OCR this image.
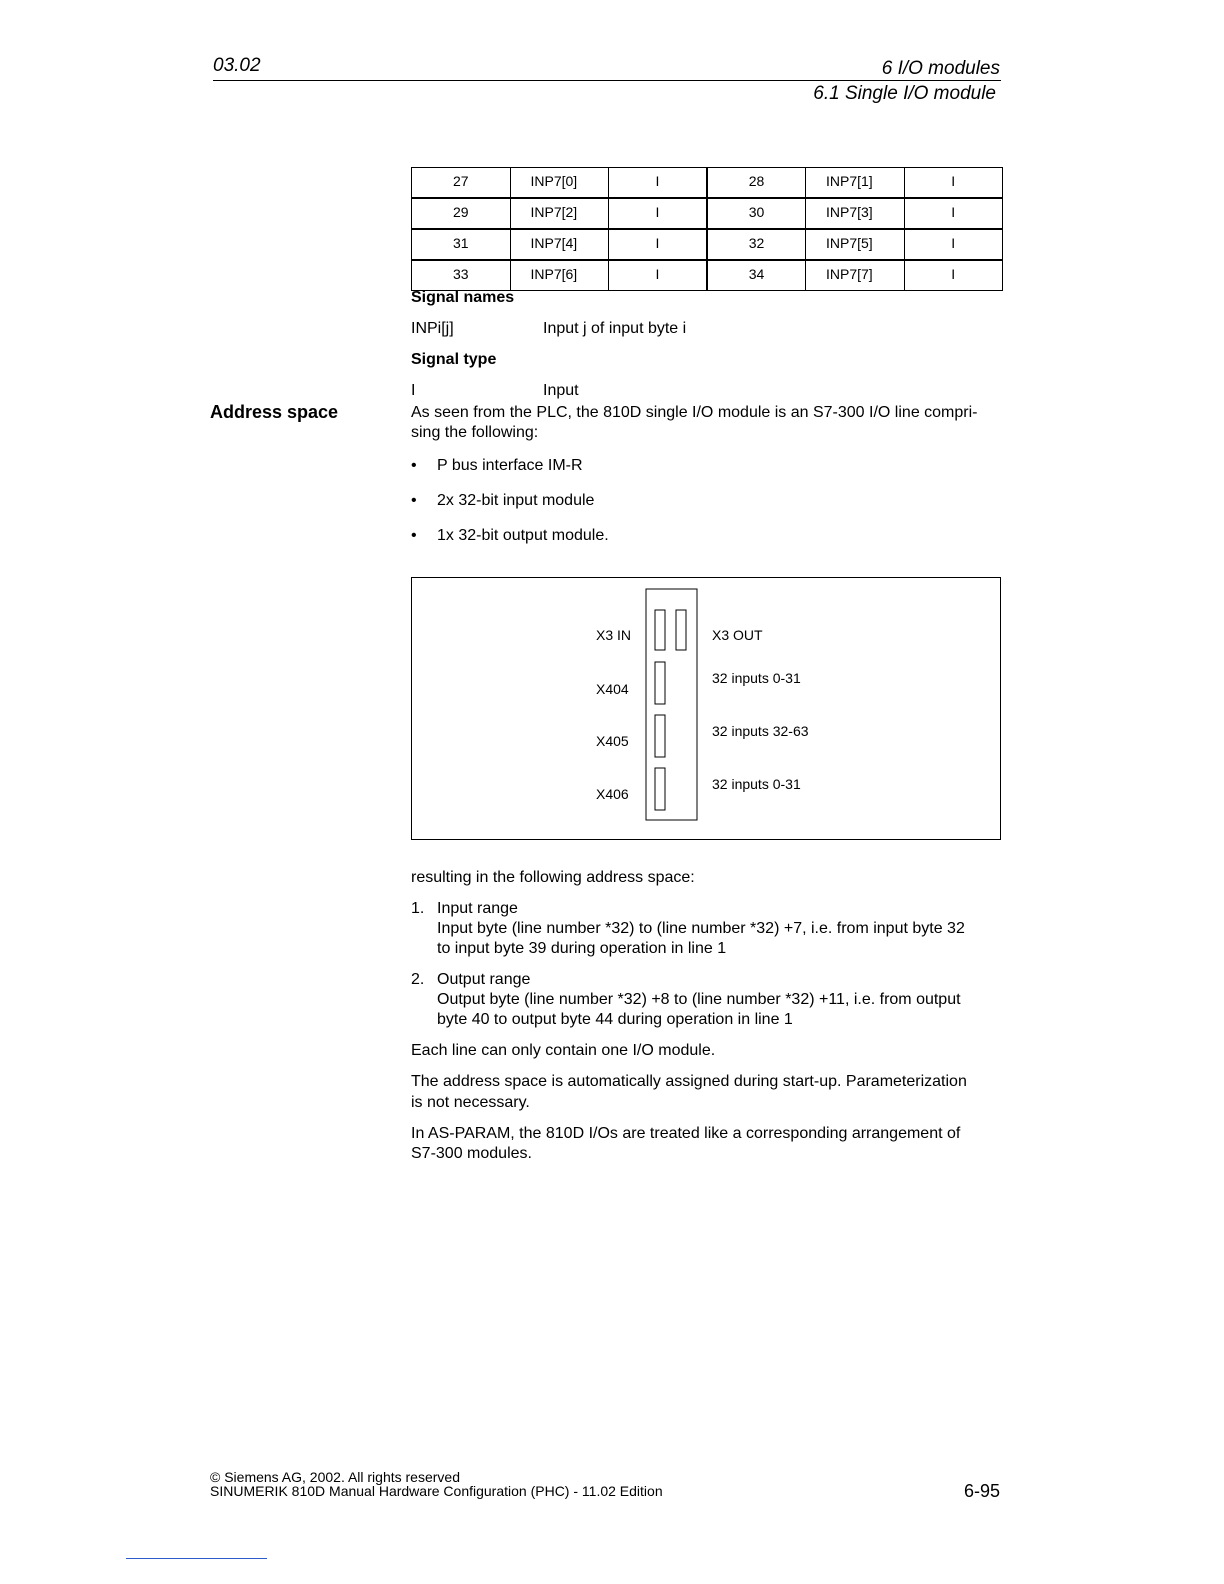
03.02	6 I/O modules
6.1 Single I/O module
27	INP7[0]	I	28	INP7[1]	I
29	INP7[2]	I	30	INP7[3]	I
31	INP7[4]	I	32	INP7[5]	I
33	INP7[6]	I	34	INP7[7]	I
Signal names
INPi[j]	Input j of input byte i
Signal type
I	Input
Address space	As seen from the PLC, the 810D single I/O module is an S7-300 I/O line compri-
sing the following:
• P bus interface IM-R
• 2x 32-bit input module
• 1x 32-bit output module.
X3 IN	X3 OUT
X404
32 inputs 0-31
X405
32 inputs 32-63
X406
32 inputs 0-31
resulting in the following address space:
1. Input range
Input byte (line number *32) to (line number *32) +7, i.e. from input byte 32
to input byte 39 during operation in line 1
2. Output range
Output byte (line number *32) +8 to (line number *32) +11, i.e. from output
byte 40 to output byte 44 during operation in line 1
Each line can only contain one I/O module.
The address space is automatically assigned during start-up. Parameterization
is not necessary.
In AS-PARAM, the 810D I/Os are treated like a corresponding arrangement of
S7-300 modules.
© Siemens AG, 2002. All rights reserved
SINUMERIK 810D Manual Hardware Configuration (PHC) - 11.02 Edition	6-95
